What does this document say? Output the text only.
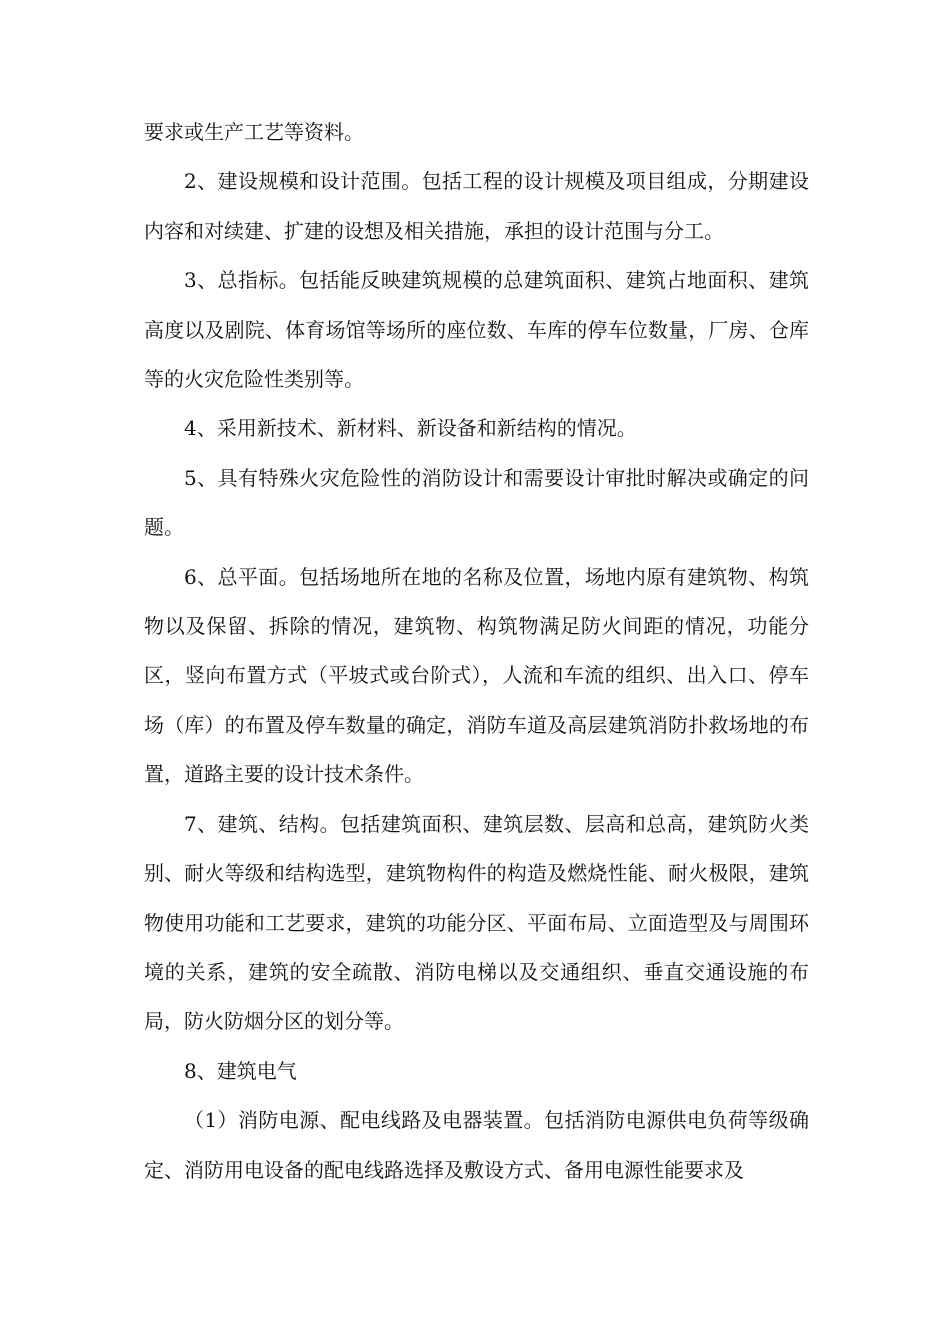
要求或生产工艺等资料。

2、建设规模和设计范围。包括工程的设计规模及项目组成，分期建设内容和对续建、扩建的设想及相关措施，承担的设计范围与分工。

3、总指标。包括能反映建筑规模的总建筑面积、建筑占地面积、建筑高度以及剧院、体育场馆等场所的座位数、车库的停车位数量，厂房、仓库等的火灾危险性类别等。

4、采用新技术、新材料、新设备和新结构的情况。

5、具有特殊火灾危险性的消防设计和需要设计审批时解决或确定的问题。

6、总平面。包括场地所在地的名称及位置，场地内原有建筑物、构筑物以及保留、拆除的情况，建筑物、构筑物满足防火间距的情况，功能分区，竖向布置方式（平坡式或台阶式），人流和车流的组织、出入口、停车场（库）的布置及停车数量的确定，消防车道及高层建筑消防扑救场地的布置，道路主要的设计技术条件。

7、建筑、结构。包括建筑面积、建筑层数、层高和总高，建筑防火类别、耐火等级和结构选型，建筑物构件的构造及燃烧性能、耐火极限，建筑物使用功能和工艺要求，建筑的功能分区、平面布局、立面造型及与周围环境的关系，建筑的安全疏散、消防电梯以及交通组织、垂直交通设施的布局，防火防烟分区的划分等。

8、建筑电气

（1）消防电源、配电线路及电器装置。包括消防电源供电负荷等级确定、消防用电设备的配电线路选择及敷设方式、备用电源性能要求及
